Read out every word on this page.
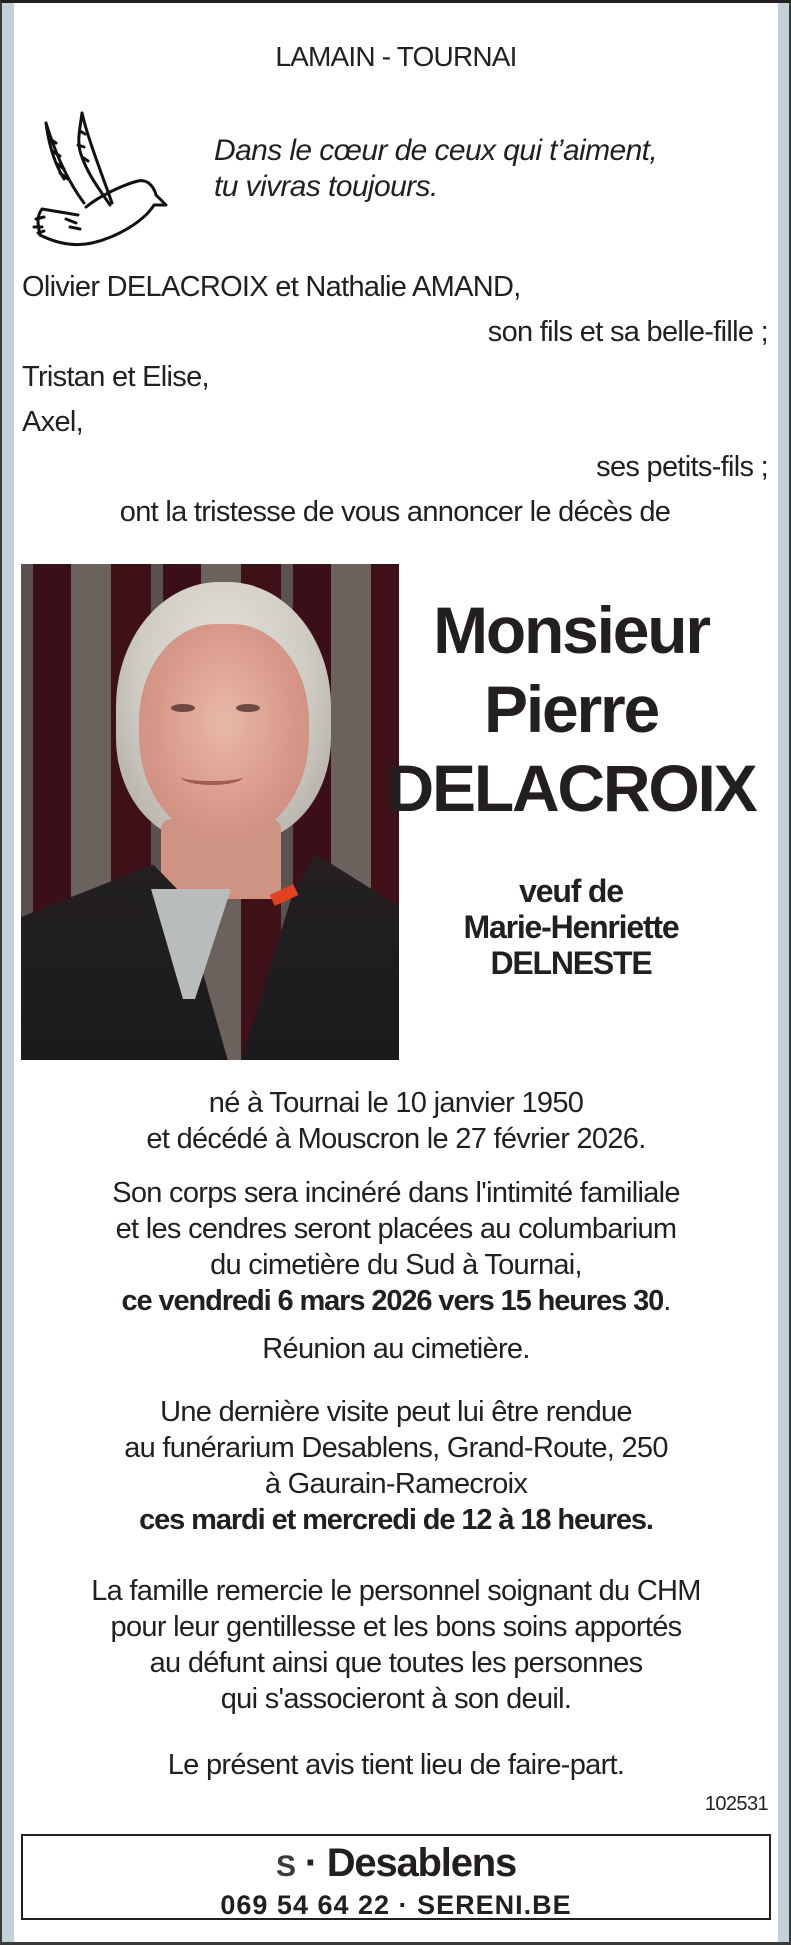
LAMAIN - TOURNAI
Dans le cœur de ceux qui t’aiment,
tu vivras toujours.
Olivier DELACROIX et Nathalie AMAND,
son fils et sa belle-fille ;
Tristan et Elise,
Axel,
ses petits-fils ;
ont la tristesse de vous annoncer le décès de
Monsieur
Pierre
DELACROIX
veuf de
Marie-Henriette
DELNESTE
né à Tournai le 10 janvier 1950
et décédé à Mouscron le 27 février 2026.
Son corps sera incinéré dans l'intimité familiale
et les cendres seront placées au columbarium
du cimetière du Sud à Tournai,
ce vendredi 6 mars 2026 vers 15 heures 30.
Réunion au cimetière.
Une dernière visite peut lui être rendue
au funérarium Desablens, Grand-Route, 250
à Gaurain-Ramecroix
ces mardi et mercredi de 12 à 18 heures.
La famille remercie le personnel soignant du CHM
pour leur gentillesse et les bons soins apportés
au défunt ainsi que toutes les personnes
qui s'associeront à son deuil.
Le présent avis tient lieu de faire-part.
102531
S · Desablens
069 54 64 22 · SERENI.BE
